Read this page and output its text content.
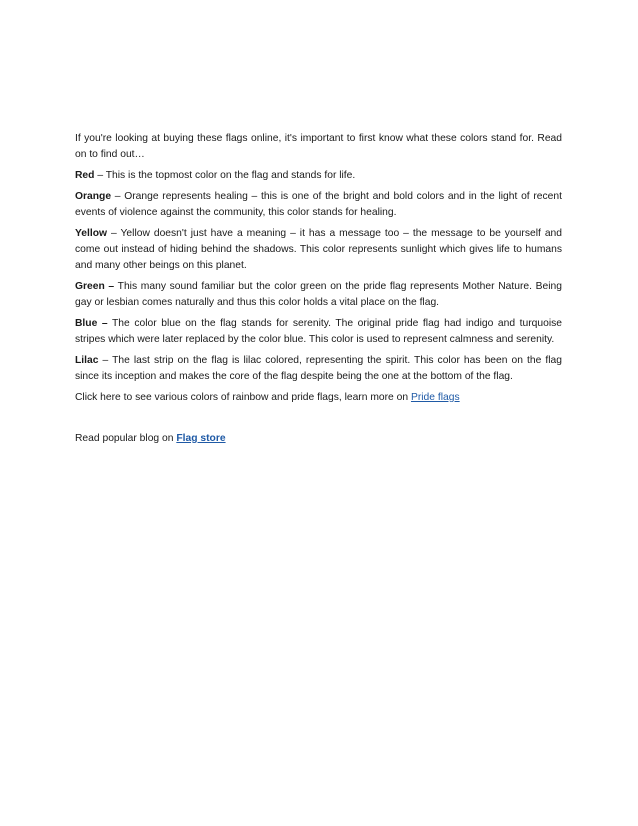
If you're looking at buying these flags online, it's important to first know what these colors stand for. Read on to find out…

Red – This is the topmost color on the flag and stands for life.

Orange – Orange represents healing – this is one of the bright and bold colors and in the light of recent events of violence against the community, this color stands for healing.

Yellow – Yellow doesn't just have a meaning – it has a message too – the message to be yourself and come out instead of hiding behind the shadows. This color represents sunlight which gives life to humans and many other beings on this planet.

Green – This many sound familiar but the color green on the pride flag represents Mother Nature. Being gay or lesbian comes naturally and thus this color holds a vital place on the flag.

Blue – The color blue on the flag stands for serenity. The original pride flag had indigo and turquoise stripes which were later replaced by the color blue. This color is used to represent calmness and serenity.

Lilac – The last strip on the flag is lilac colored, representing the spirit. This color has been on the flag since its inception and makes the core of the flag despite being the one at the bottom of the flag.

Click here to see various colors of rainbow and pride flags, learn more on Pride flags

Read popular blog on Flag store
